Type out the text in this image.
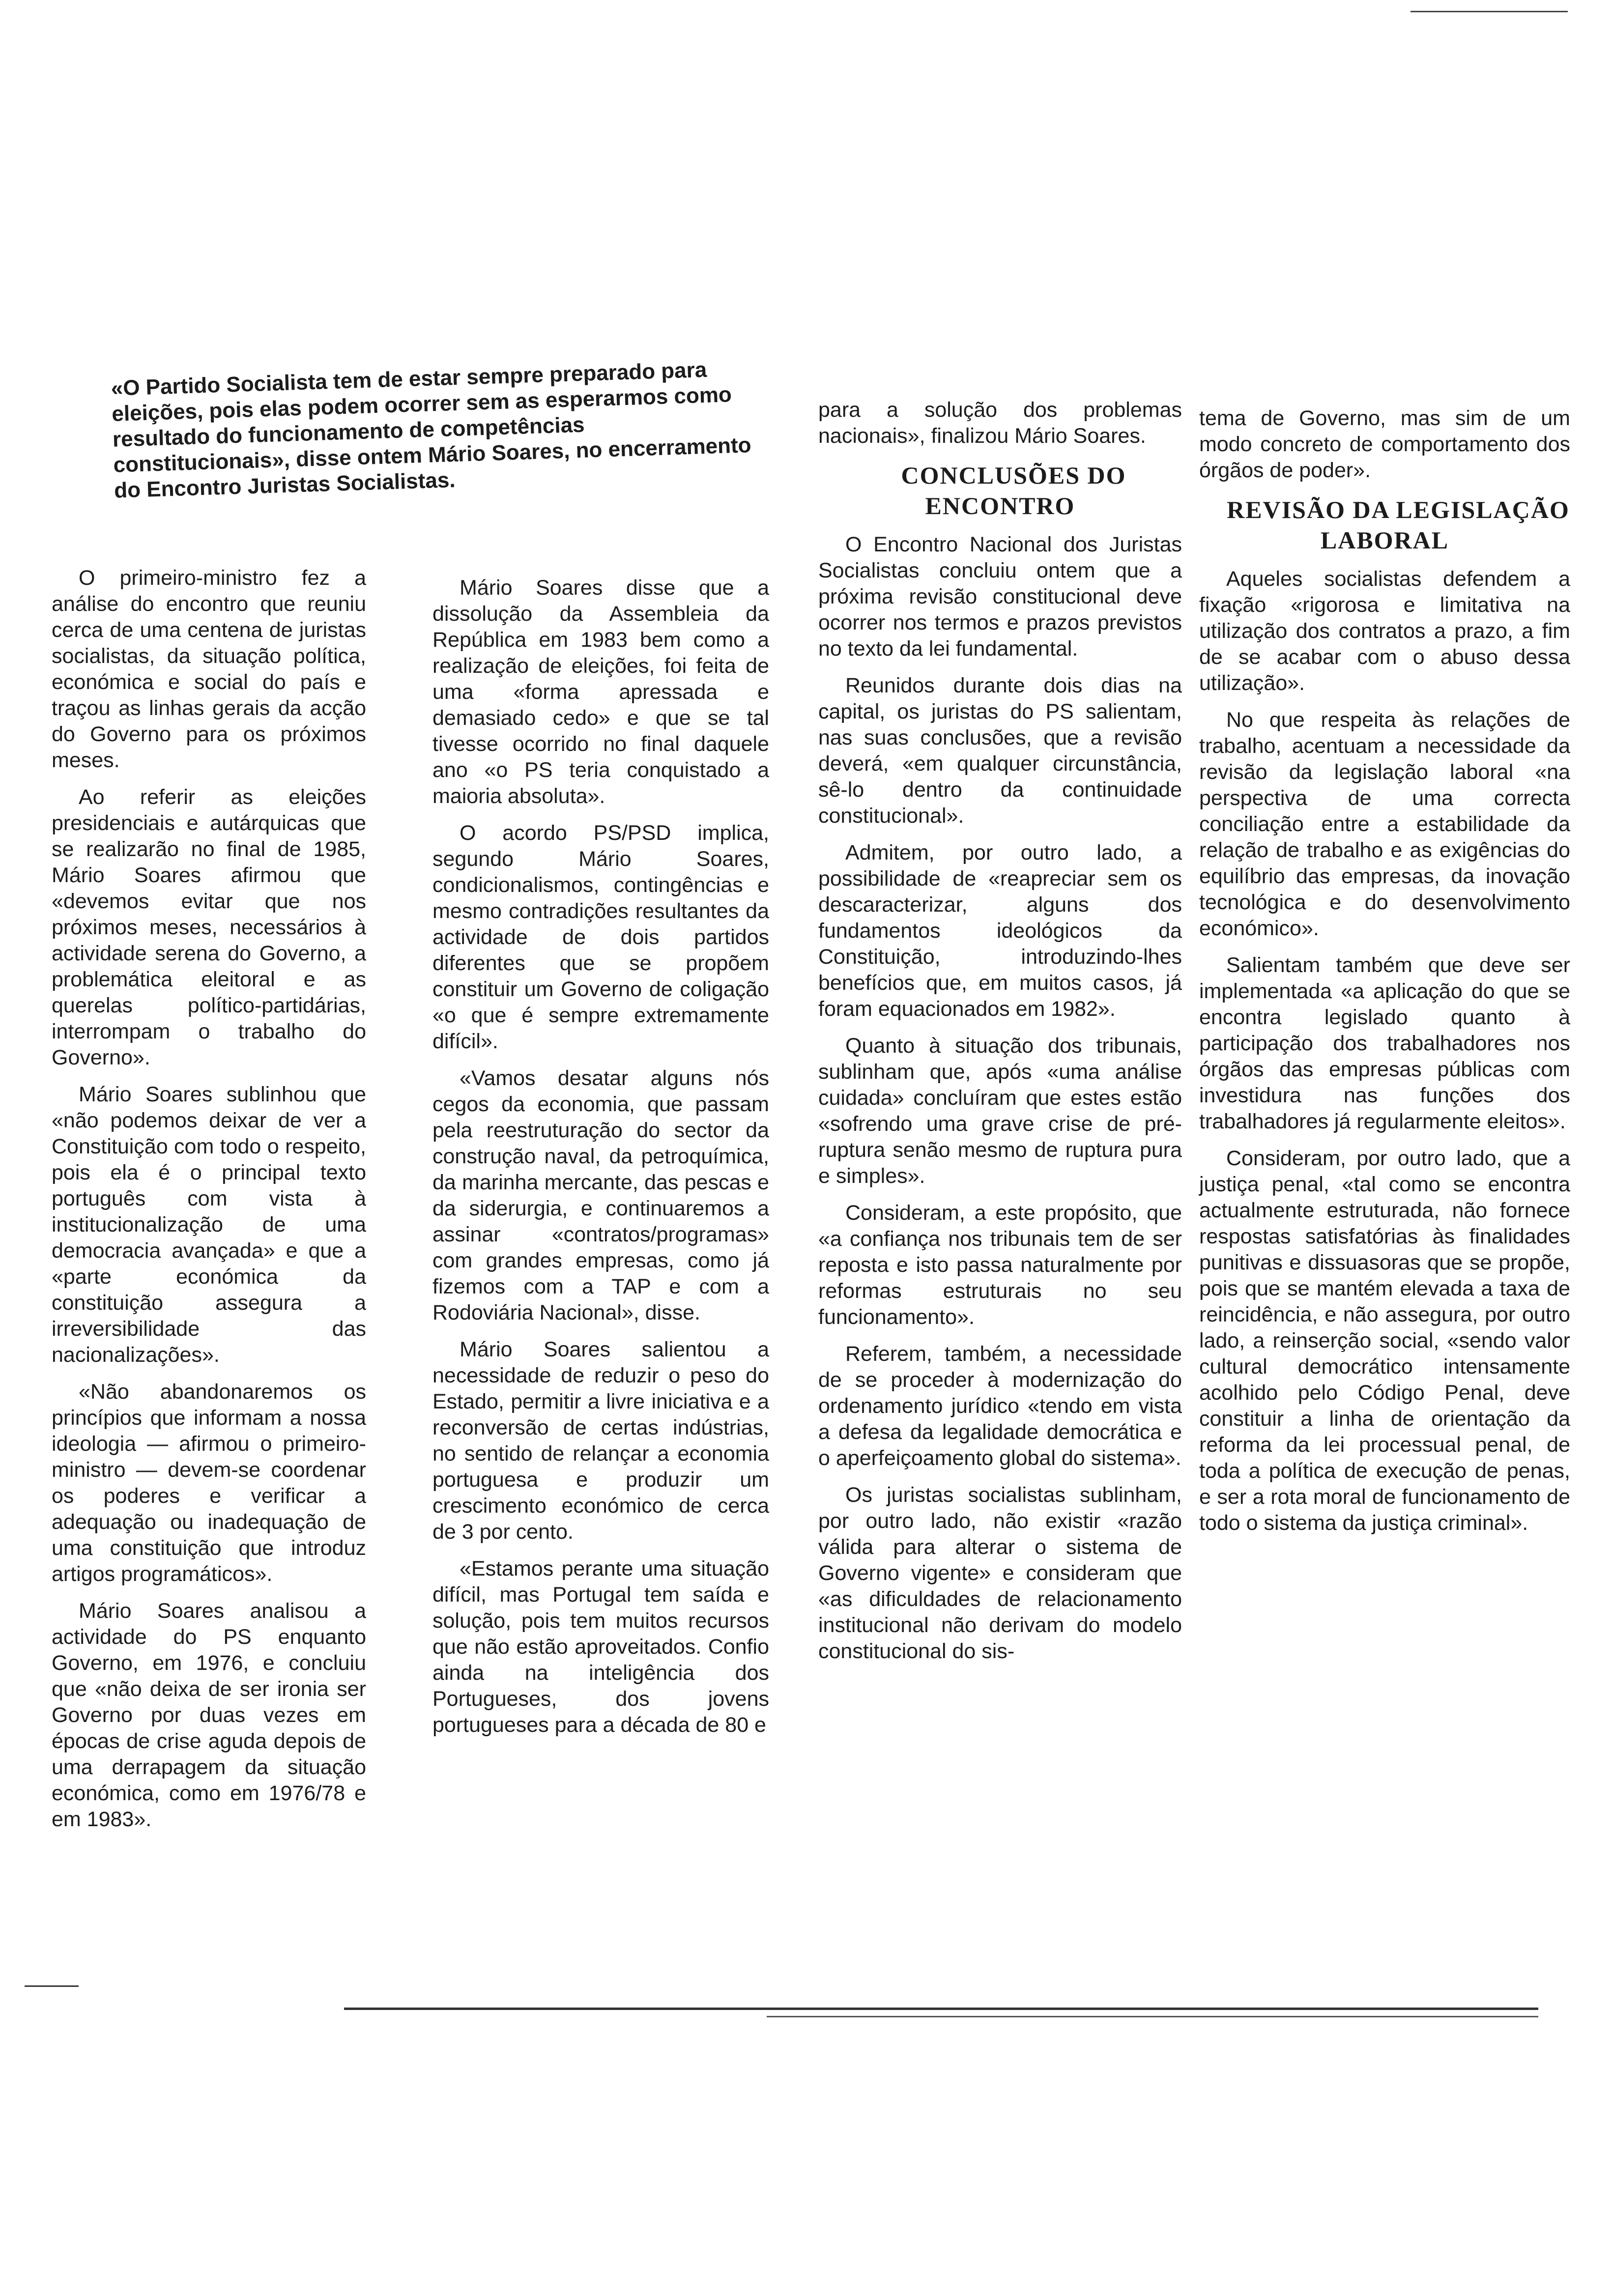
«O Partido Socialista tem de estar sempre preparado para eleições, pois elas podem ocorrer sem as esperarmos como resultado do funcionamento de competências constitucionais», disse ontem Mário Soares, no encerramento do Encontro Juristas Socialistas.

O primeiro-ministro fez a análise do encontro que reuniu cerca de uma centena de juristas socialistas, da situação política, económica e social do país e traçou as linhas gerais da acção do Governo para os próximos meses.

Ao referir as eleições presidenciais e autárquicas que se realizarão no final de 1985, Mário Soares afirmou que «devemos evitar que nos próximos meses, necessários à actividade serena do Governo, a problemática eleitoral e as querelas político-partidárias, interrompam o trabalho do Governo».

Mário Soares sublinhou que «não podemos deixar de ver a Constituição com todo o respeito, pois ela é o principal texto português com vista à institucionalização de uma democracia avançada» e que a «parte económica da constituição assegura a irreversibilidade das nacionalizações».

«Não abandonaremos os princípios que informam a nossa ideologia — afirmou o primeiro-ministro — devem-se coordenar os poderes e verificar a adequação ou inadequação de uma constituição que introduz artigos programáticos».

Mário Soares analisou a actividade do PS enquanto Governo, em 1976, e concluiu que «não deixa de ser ironia ser Governo por duas vezes em épocas de crise aguda depois de uma derrapagem da situação económica, como em 1976/78 e em 1983».

Mário Soares disse que a dissolução da Assembleia da República em 1983 bem como a realização de eleições, foi feita de uma «forma apressada e demasiado cedo» e que se tal tivesse ocorrido no final daquele ano «o PS teria conquistado a maioria absoluta».

O acordo PS/PSD implica, segundo Mário Soares, condicionalismos, contingências e mesmo contradições resultantes da actividade de dois partidos diferentes que se propõem constituir um Governo de coligação «o que é sempre extremamente difícil».

«Vamos desatar alguns nós cegos da economia, que passam pela reestruturação do sector da construção naval, da petroquímica, da marinha mercante, das pescas e da siderurgia, e continuaremos a assinar «contratos/programas» com grandes empresas, como já fizemos com a TAP e com a Rodoviária Nacional», disse.

Mário Soares salientou a necessidade de reduzir o peso do Estado, permitir a livre iniciativa e a reconversão de certas indústrias, no sentido de relançar a economia portuguesa e produzir um crescimento económico de cerca de 3 por cento.

«Estamos perante uma situação difícil, mas Portugal tem saída e solução, pois tem muitos recursos que não estão aproveitados. Confio ainda na inteligência dos Portugueses, dos jovens portugueses para a década de 80 e

para a solução dos problemas nacionais», finalizou Mário Soares.

CONCLUSÕES DO ENCONTRO

O Encontro Nacional dos Juristas Socialistas concluiu ontem que a próxima revisão constitucional deve ocorrer nos termos e prazos previstos no texto da lei fundamental.

Reunidos durante dois dias na capital, os juristas do PS salientam, nas suas conclusões, que a revisão deverá, «em qualquer circunstância, sê-lo dentro da continuidade constitucional».

Admitem, por outro lado, a possibilidade de «reapreciar sem os descaracterizar, alguns dos fundamentos ideológicos da Constituição, introduzindo-lhes benefícios que, em muitos casos, já foram equacionados em 1982».

Quanto à situação dos tribunais, sublinham que, após «uma análise cuidada» concluíram que estes estão «sofrendo uma grave crise de pré-ruptura senão mesmo de ruptura pura e simples».

Consideram, a este propósito, que «a confiança nos tribunais tem de ser reposta e isto passa naturalmente por reformas estruturais no seu funcionamento».

Referem, também, a necessidade de se proceder à modernização do ordenamento jurídico «tendo em vista a defesa da legalidade democrática e o aperfeiçoamento global do sistema».

Os juristas socialistas sublinham, por outro lado, não existir «razão válida para alterar o sistema de Governo vigente» e consideram que «as dificuldades de relacionamento institucional não derivam do modelo constitucional do sis-

tema de Governo, mas sim de um modo concreto de comportamento dos órgãos de poder».

REVISÃO DA LEGISLAÇÃO LABORAL

Aqueles socialistas defendem a fixação «rigorosa e limitativa na utilização dos contratos a prazo, a fim de se acabar com o abuso dessa utilização».

No que respeita às relações de trabalho, acentuam a necessidade da revisão da legislação laboral «na perspectiva de uma correcta conciliação entre a estabilidade da relação de trabalho e as exigências do equilíbrio das empresas, da inovação tecnológica e do desenvolvimento económico».

Salientam também que deve ser implementada «a aplicação do que se encontra legislado quanto à participação dos trabalhadores nos órgãos das empresas públicas com investidura nas funções dos trabalhadores já regularmente eleitos».

Consideram, por outro lado, que a justiça penal, «tal como se encontra actualmente estruturada, não fornece respostas satisfatórias às finalidades punitivas e dissuasoras que se propõe, pois que se mantém elevada a taxa de reincidência, e não assegura, por outro lado, a reinserção social, «sendo valor cultural democrático intensamente acolhido pelo Código Penal, deve constituir a linha de orientação da reforma da lei processual penal, de toda a política de execução de penas, e ser a rota moral de funcionamento de todo o sistema da justiça criminal».
